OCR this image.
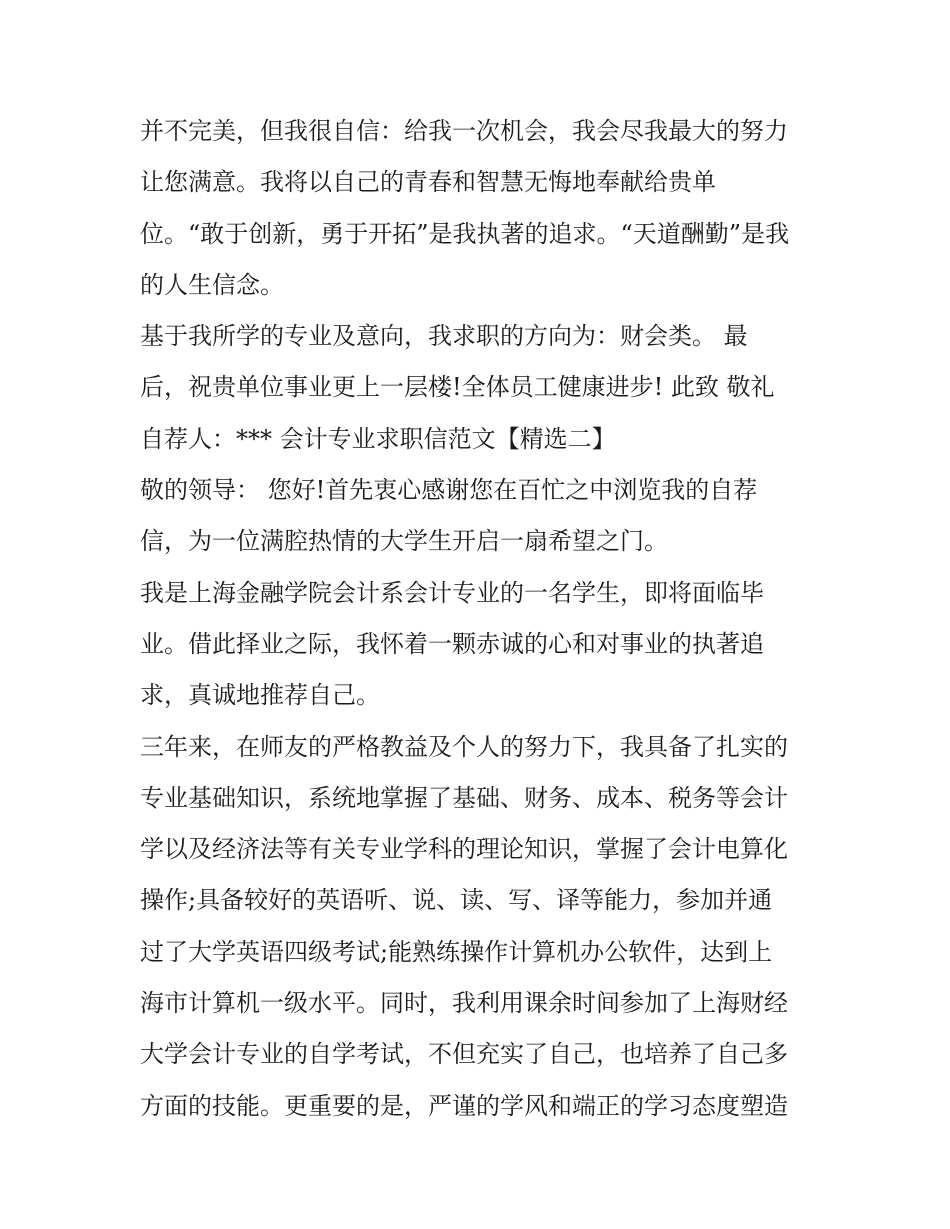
并不完美，但我很自信：给我一次机会，我会尽我最大的努力
让您满意。我将以自己的青春和智慧无悔地奉献给贵单
位。“敢于创新，勇于开拓”是我执著的追求。“天道酬勤”是我
的人生信念。
基于我所学的专业及意向，我求职的方向为：财会类。 最
后，祝贵单位事业更上一层楼!全体员工健康进步! 此致 敬礼
自荐人：*** 会计专业求职信范文【精选二】
敬的领导： 您好!首先衷心感谢您在百忙之中浏览我的自荐
信，为一位满腔热情的大学生开启一扇希望之门。
我是上海金融学院会计系会计专业的一名学生，即将面临毕
业。借此择业之际，我怀着一颗赤诚的心和对事业的执著追
求，真诚地推荐自己。
三年来，在师友的严格教益及个人的努力下，我具备了扎实的
专业基础知识，系统地掌握了基础、财务、成本、税务等会计
学以及经济法等有关专业学科的理论知识，掌握了会计电算化
操作;具备较好的英语听、说、读、写、译等能力，参加并通
过了大学英语四级考试;能熟练操作计算机办公软件，达到上
海市计算机一级水平。同时，我利用课余时间参加了上海财经
大学会计专业的自学考试，不但充实了自己，也培养了自己多
方面的技能。更重要的是，严谨的学风和端正的学习态度塑造
